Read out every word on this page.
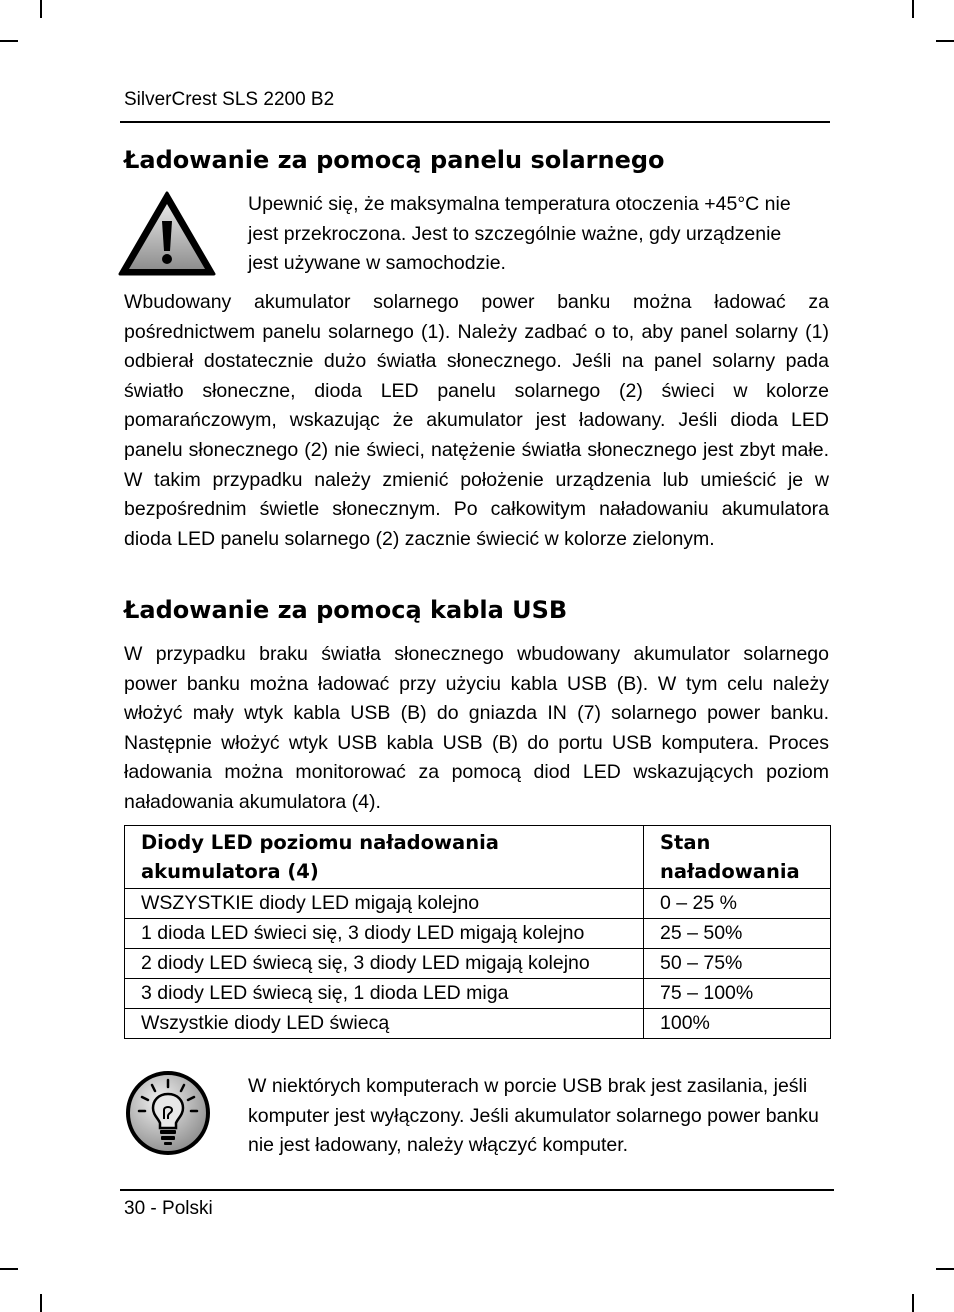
SilverCrest SLS 2200 B2
Ładowanie za pomocą panelu solarnego
Upewnić się, że maksymalna temperatura otoczenia +45°C nie jest przekroczona. Jest to szczególnie ważne, gdy urządzenie jest używane w samochodzie.

Wbudowany akumulator solarnego power banku można ładować za pośrednictwem panelu solarnego (1). Należy zadbać o to, aby panel solarny (1) odbierał dostatecznie dużo światła słonecznego. Jeśli na panel solarny pada światło słoneczne, dioda LED panelu solarnego (2) świeci w kolorze pomarańczowym, wskazując że akumulator jest ładowany. Jeśli dioda LED panelu słonecznego (2) nie świeci, natężenie światła słonecznego jest zbyt małe. W takim przypadku należy zmienić położenie urządzenia lub umieścić je w bezpośrednim świetle słonecznym. Po całkowitym naładowaniu akumulatora dioda LED panelu solarnego (2) zacznie świecić w kolorze zielonym.

Ładowanie za pomocą kabla USB

W przypadku braku światła słonecznego wbudowany akumulator solarnego power banku można ładować przy użyciu kabla USB (B). W tym celu należy włożyć mały wtyk kabla USB (B) do gniazda IN (7) solarnego power banku. Następnie włożyć wtyk USB kabla USB (B) do portu USB komputera. Proces ładowania można monitorować za pomocą diod LED wskazujących poziom naładowania akumulatora (4).

Diody LED poziomu naładowania akumulatora (4)	Stan naładowania
WSZYSTKIE diody LED migają kolejno	0 – 25 %
1 dioda LED świeci się, 3 diody LED migają kolejno	25 – 50%
2 diody LED świecą się, 3 diody LED migają kolejno	50 – 75%
3 diody LED świecą się, 1 dioda LED miga	75 – 100%
Wszystkie diody LED świecą	100%
W niektórych komputerach w porcie USB brak jest zasilania, jeśli komputer jest wyłączony. Jeśli akumulator solarnego power banku nie jest ładowany, należy włączyć komputer.
30 - Polski
